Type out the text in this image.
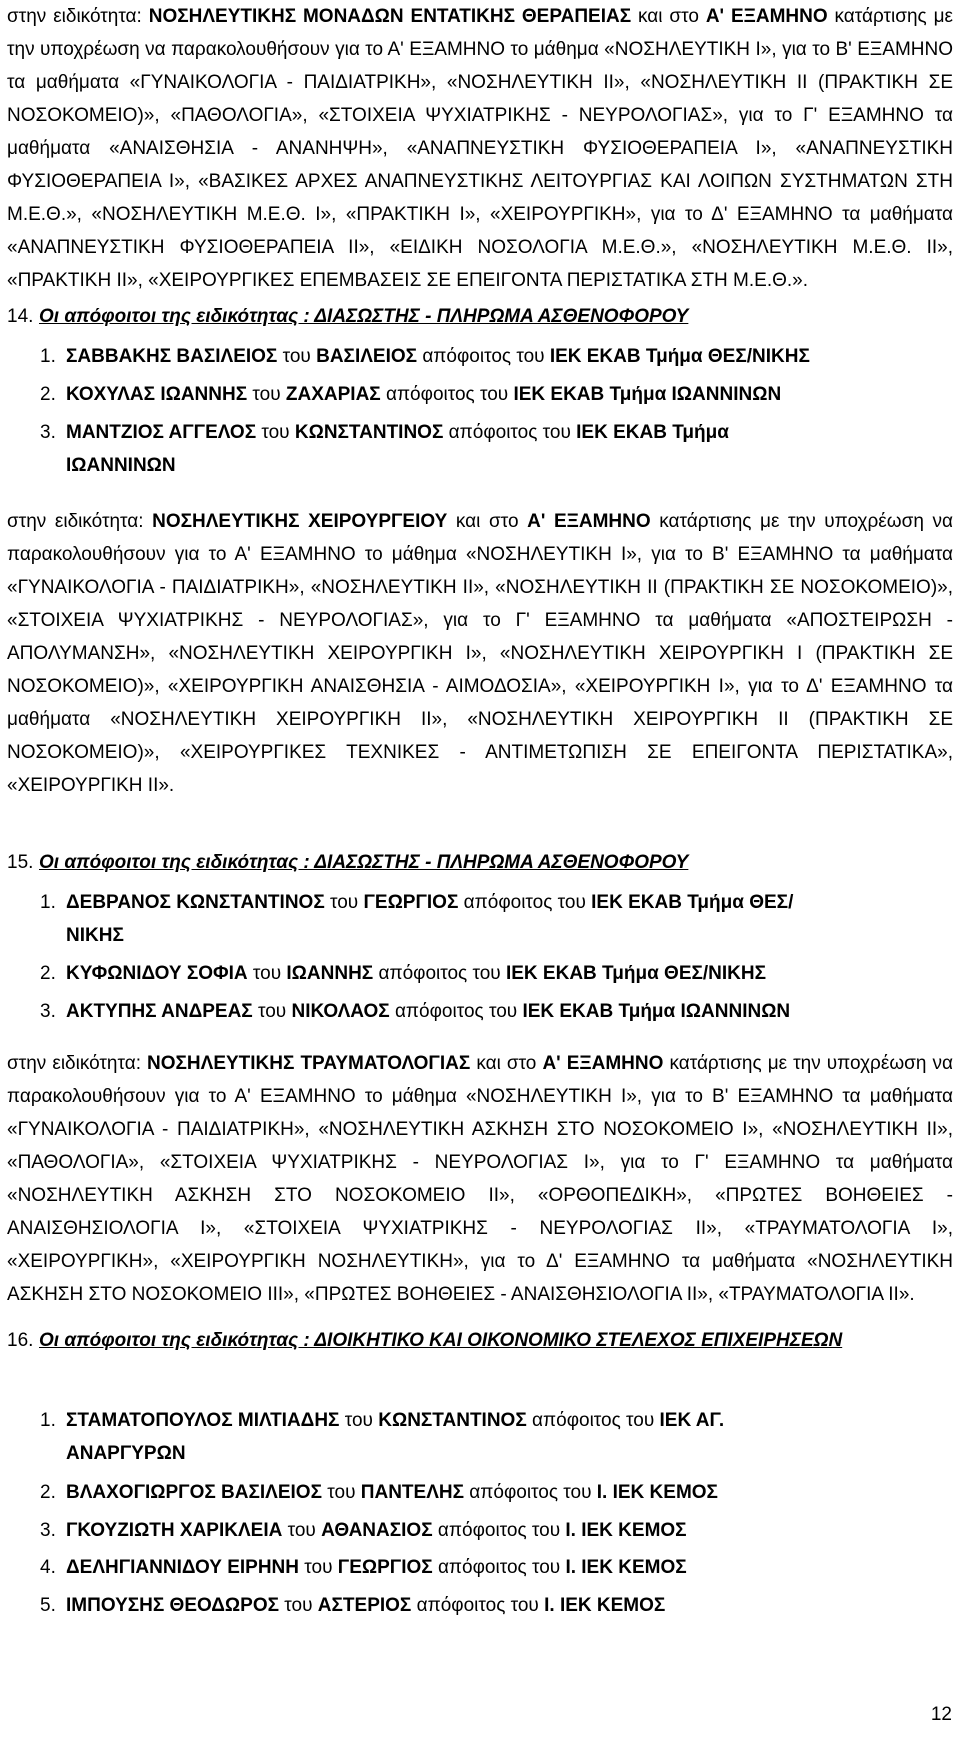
στην ειδικότητα: ΝΟΣΗΛΕΥΤΙΚΗΣ ΜΟΝΑΔΩΝ ΕΝΤΑΤΙΚΗΣ ΘΕΡΑΠΕΙΑΣ και στο Α' ΕΞΑΜΗΝΟ κατάρτισης με την υποχρέωση να παρακολουθήσουν για το Α' ΕΞΑΜΗΝΟ το μάθημα «ΝΟΣΗΛΕΥΤΙΚΗ Ι», για το Β' ΕΞΑΜΗΝΟ τα μαθήματα «ΓΥΝΑΙΚΟΛΟΓΙΑ - ΠΑΙΔΙΑΤΡΙΚΗ», «ΝΟΣΗΛΕΥΤΙΚΗ ΙΙ», «ΝΟΣΗΛΕΥΤΙΚΗ ΙΙ (ΠΡΑΚΤΙΚΗ ΣΕ ΝΟΣΟΚΟΜΕΙΟ)», «ΠΑΘΟΛΟΓΙΑ», «ΣΤΟΙΧΕΙΑ ΨΥΧΙΑΤΡΙΚΗΣ - ΝΕΥΡΟΛΟΓΙΑΣ», για το Γ' ΕΞΑΜΗΝΟ τα μαθήματα «ΑΝΑΙΣΘΗΣΙΑ - ΑΝΑΝΗΨΗ», «ΑΝΑΠΝΕΥΣΤΙΚΗ ΦΥΣΙΟΘΕΡΑΠΕΙΑ Ι», «ΑΝΑΠΝΕΥΣΤΙΚΗ ΦΥΣΙΟΘΕΡΑΠΕΙΑ Ι», «ΒΑΣΙΚΕΣ ΑΡΧΕΣ ΑΝΑΠΝΕΥΣΤΙΚΗΣ ΛΕΙΤΟΥΡΓΙΑΣ ΚΑΙ ΛΟΙΠΩΝ ΣΥΣΤΗΜΑΤΩΝ ΣΤΗ Μ.Ε.Θ.», «ΝΟΣΗΛΕΥΤΙΚΗ Μ.Ε.Θ. Ι», «ΠΡΑΚΤΙΚΗ Ι», «ΧΕΙΡΟΥΡΓΙΚΗ», για το Δ' ΕΞΑΜΗΝΟ τα μαθήματα «ΑΝΑΠΝΕΥΣΤΙΚΗ ΦΥΣΙΟΘΕΡΑΠΕΙΑ ΙΙ», «ΕΙΔΙΚΗ ΝΟΣΟΛΟΓΙΑ Μ.Ε.Θ.», «ΝΟΣΗΛΕΥΤΙΚΗ Μ.Ε.Θ. ΙΙ», «ΠΡΑΚΤΙΚΗ ΙΙ», «ΧΕΙΡΟΥΡΓΙΚΕΣ ΕΠΕΜΒΑΣΕΙΣ ΣΕ ΕΠΕΙΓΟΝΤΑ ΠΕΡΙΣΤΑΤΙΚΑ ΣΤΗ Μ.Ε.Θ.».

14. Οι απόφοιτοι της ειδικότητας : ΔΙΑΣΩΣΤΗΣ - ΠΛΗΡΩΜΑ ΑΣΘΕΝΟΦΟΡΟΥ

1. ΣΑΒΒΑΚΗΣ ΒΑΣΙΛΕΙΟΣ του ΒΑΣΙΛΕΙΟΣ απόφοιτος του ΙΕΚ ΕΚΑΒ Τμήμα ΘΕΣ/ΝΙΚΗΣ

2. ΚΟΧΥΛΑΣ ΙΩΑΝΝΗΣ του ΖΑΧΑΡΙΑΣ απόφοιτος του ΙΕΚ ΕΚΑΒ Τμήμα ΙΩΑΝΝΙΝΩΝ

3. ΜΑΝΤΖΙΟΣ ΑΓΓΕΛΟΣ του ΚΩΝΣΤΑΝΤΙΝΟΣ απόφοιτος του ΙΕΚ ΕΚΑΒ Τμήμα ΙΩΑΝΝΙΝΩΝ

στην ειδικότητα: ΝΟΣΗΛΕΥΤΙΚΗΣ ΧΕΙΡΟΥΡΓΕΙΟΥ και στο Α' ΕΞΑΜΗΝΟ κατάρτισης με την υποχρέωση να παρακολουθήσουν για το Α' ΕΞΑΜΗΝΟ το μάθημα «ΝΟΣΗΛΕΥΤΙΚΗ Ι», για το Β' ΕΞΑΜΗΝΟ τα μαθήματα «ΓΥΝΑΙΚΟΛΟΓΙΑ - ΠΑΙΔΙΑΤΡΙΚΗ», «ΝΟΣΗΛΕΥΤΙΚΗ ΙΙ», «ΝΟΣΗΛΕΥΤΙΚΗ ΙΙ (ΠΡΑΚΤΙΚΗ ΣΕ ΝΟΣΟΚΟΜΕΙΟ)», «ΣΤΟΙΧΕΙΑ ΨΥΧΙΑΤΡΙΚΗΣ - ΝΕΥΡΟΛΟΓΙΑΣ», για το Γ' ΕΞΑΜΗΝΟ τα μαθήματα «ΑΠΟΣΤΕΙΡΩΣΗ - ΑΠΟΛΥΜΑΝΣΗ», «ΝΟΣΗΛΕΥΤΙΚΗ ΧΕΙΡΟΥΡΓΙΚΗ Ι», «ΝΟΣΗΛΕΥΤΙΚΗ ΧΕΙΡΟΥΡΓΙΚΗ Ι (ΠΡΑΚΤΙΚΗ ΣΕ ΝΟΣΟΚΟΜΕΙΟ)», «ΧΕΙΡΟΥΡΓΙΚΗ ΑΝΑΙΣΘΗΣΙΑ - ΑΙΜΟΔΟΣΙΑ», «ΧΕΙΡΟΥΡΓΙΚΗ Ι», για το Δ' ΕΞΑΜΗΝΟ τα μαθήματα «ΝΟΣΗΛΕΥΤΙΚΗ ΧΕΙΡΟΥΡΓΙΚΗ ΙΙ», «ΝΟΣΗΛΕΥΤΙΚΗ ΧΕΙΡΟΥΡΓΙΚΗ ΙΙ (ΠΡΑΚΤΙΚΗ ΣΕ ΝΟΣΟΚΟΜΕΙΟ)», «ΧΕΙΡΟΥΡΓΙΚΕΣ ΤΕΧΝΙΚΕΣ - ΑΝΤΙΜΕΤΩΠΙΣΗ ΣΕ ΕΠΕΙΓΟΝΤΑ ΠΕΡΙΣΤΑΤΙΚΑ», «ΧΕΙΡΟΥΡΓΙΚΗ ΙΙ».

15. Οι απόφοιτοι της ειδικότητας : ΔΙΑΣΩΣΤΗΣ - ΠΛΗΡΩΜΑ ΑΣΘΕΝΟΦΟΡΟΥ

1. ΔΕΒΡΑΝΟΣ ΚΩΝΣΤΑΝΤΙΝΟΣ του ΓΕΩΡΓΙΟΣ απόφοιτος του ΙΕΚ ΕΚΑΒ Τμήμα ΘΕΣ/ΝΙΚΗΣ

2. ΚΥΦΩΝΙΔΟΥ ΣΟΦΙΑ του ΙΩΑΝΝΗΣ απόφοιτος του ΙΕΚ ΕΚΑΒ Τμήμα ΘΕΣ/ΝΙΚΗΣ

3. ΑΚΤΥΠΗΣ ΑΝΔΡΕΑΣ του ΝΙΚΟΛΑΟΣ απόφοιτος του ΙΕΚ ΕΚΑΒ Τμήμα ΙΩΑΝΝΙΝΩΝ

στην ειδικότητα: ΝΟΣΗΛΕΥΤΙΚΗΣ ΤΡΑΥΜΑΤΟΛΟΓΙΑΣ και στο Α' ΕΞΑΜΗΝΟ κατάρτισης με την υποχρέωση να παρακολουθήσουν για το Α' ΕΞΑΜΗΝΟ το μάθημα «ΝΟΣΗΛΕΥΤΙΚΗ Ι», για το Β' ΕΞΑΜΗΝΟ τα μαθήματα «ΓΥΝΑΙΚΟΛΟΓΙΑ - ΠΑΙΔΙΑΤΡΙΚΗ», «ΝΟΣΗΛΕΥΤΙΚΗ ΑΣΚΗΣΗ ΣΤΟ ΝΟΣΟΚΟΜΕΙΟ Ι», «ΝΟΣΗΛΕΥΤΙΚΗ ΙΙ», «ΠΑΘΟΛΟΓΙΑ», «ΣΤΟΙΧΕΙΑ ΨΥΧΙΑΤΡΙΚΗΣ - ΝΕΥΡΟΛΟΓΙΑΣ Ι», για το Γ' ΕΞΑΜΗΝΟ τα μαθήματα «ΝΟΣΗΛΕΥΤΙΚΗ ΑΣΚΗΣΗ ΣΤΟ ΝΟΣΟΚΟΜΕΙΟ ΙΙ», «ΟΡΘΟΠΕΔΙΚΗ», «ΠΡΩΤΕΣ ΒΟΗΘΕΙΕΣ - ΑΝΑΙΣΘΗΣΙΟΛΟΓΙΑ Ι», «ΣΤΟΙΧΕΙΑ ΨΥΧΙΑΤΡΙΚΗΣ - ΝΕΥΡΟΛΟΓΙΑΣ ΙΙ», «ΤΡΑΥΜΑΤΟΛΟΓΙΑ Ι», «ΧΕΙΡΟΥΡΓΙΚΗ», «ΧΕΙΡΟΥΡΓΙΚΗ ΝΟΣΗΛΕΥΤΙΚΗ», για το Δ' ΕΞΑΜΗΝΟ τα μαθήματα «ΝΟΣΗΛΕΥΤΙΚΗ ΑΣΚΗΣΗ ΣΤΟ ΝΟΣΟΚΟΜΕΙΟ ΙΙΙ», «ΠΡΩΤΕΣ ΒΟΗΘΕΙΕΣ - ΑΝΑΙΣΘΗΣΙΟΛΟΓΙΑ ΙΙ», «ΤΡΑΥΜΑΤΟΛΟΓΙΑ ΙΙ».

16. Οι απόφοιτοι της ειδικότητας : ΔΙΟΙΚΗΤΙΚΟ ΚΑΙ ΟΙΚΟΝΟΜΙΚΟ ΣΤΕΛΕΧΟΣ ΕΠΙΧΕΙΡΗΣΕΩΝ

1. ΣΤΑΜΑΤΟΠΟΥΛΟΣ ΜΙΛΤΙΑΔΗΣ του ΚΩΝΣΤΑΝΤΙΝΟΣ απόφοιτος του ΙΕΚ ΑΓ. ΑΝΑΡΓΥΡΩΝ

2. ΒΛΑΧΟΓΙΩΡΓΟΣ ΒΑΣΙΛΕΙΟΣ του ΠΑΝΤΕΛΗΣ απόφοιτος του Ι. ΙΕΚ ΚΕΜΟΣ

3. ΓΚΟΥΖΙΩΤΗ ΧΑΡΙΚΛΕΙΑ του ΑΘΑΝΑΣΙΟΣ απόφοιτος του Ι. ΙΕΚ ΚΕΜΟΣ

4. ΔΕΛΗΓΙΑΝΝΙΔΟΥ ΕΙΡΗΝΗ του ΓΕΩΡΓΙΟΣ απόφοιτος του Ι. ΙΕΚ ΚΕΜΟΣ

5. ΙΜΠΟΥΣΗΣ ΘΕΟΔΩΡΟΣ του ΑΣΤΕΡΙΟΣ απόφοιτος του Ι. ΙΕΚ ΚΕΜΟΣ

12
